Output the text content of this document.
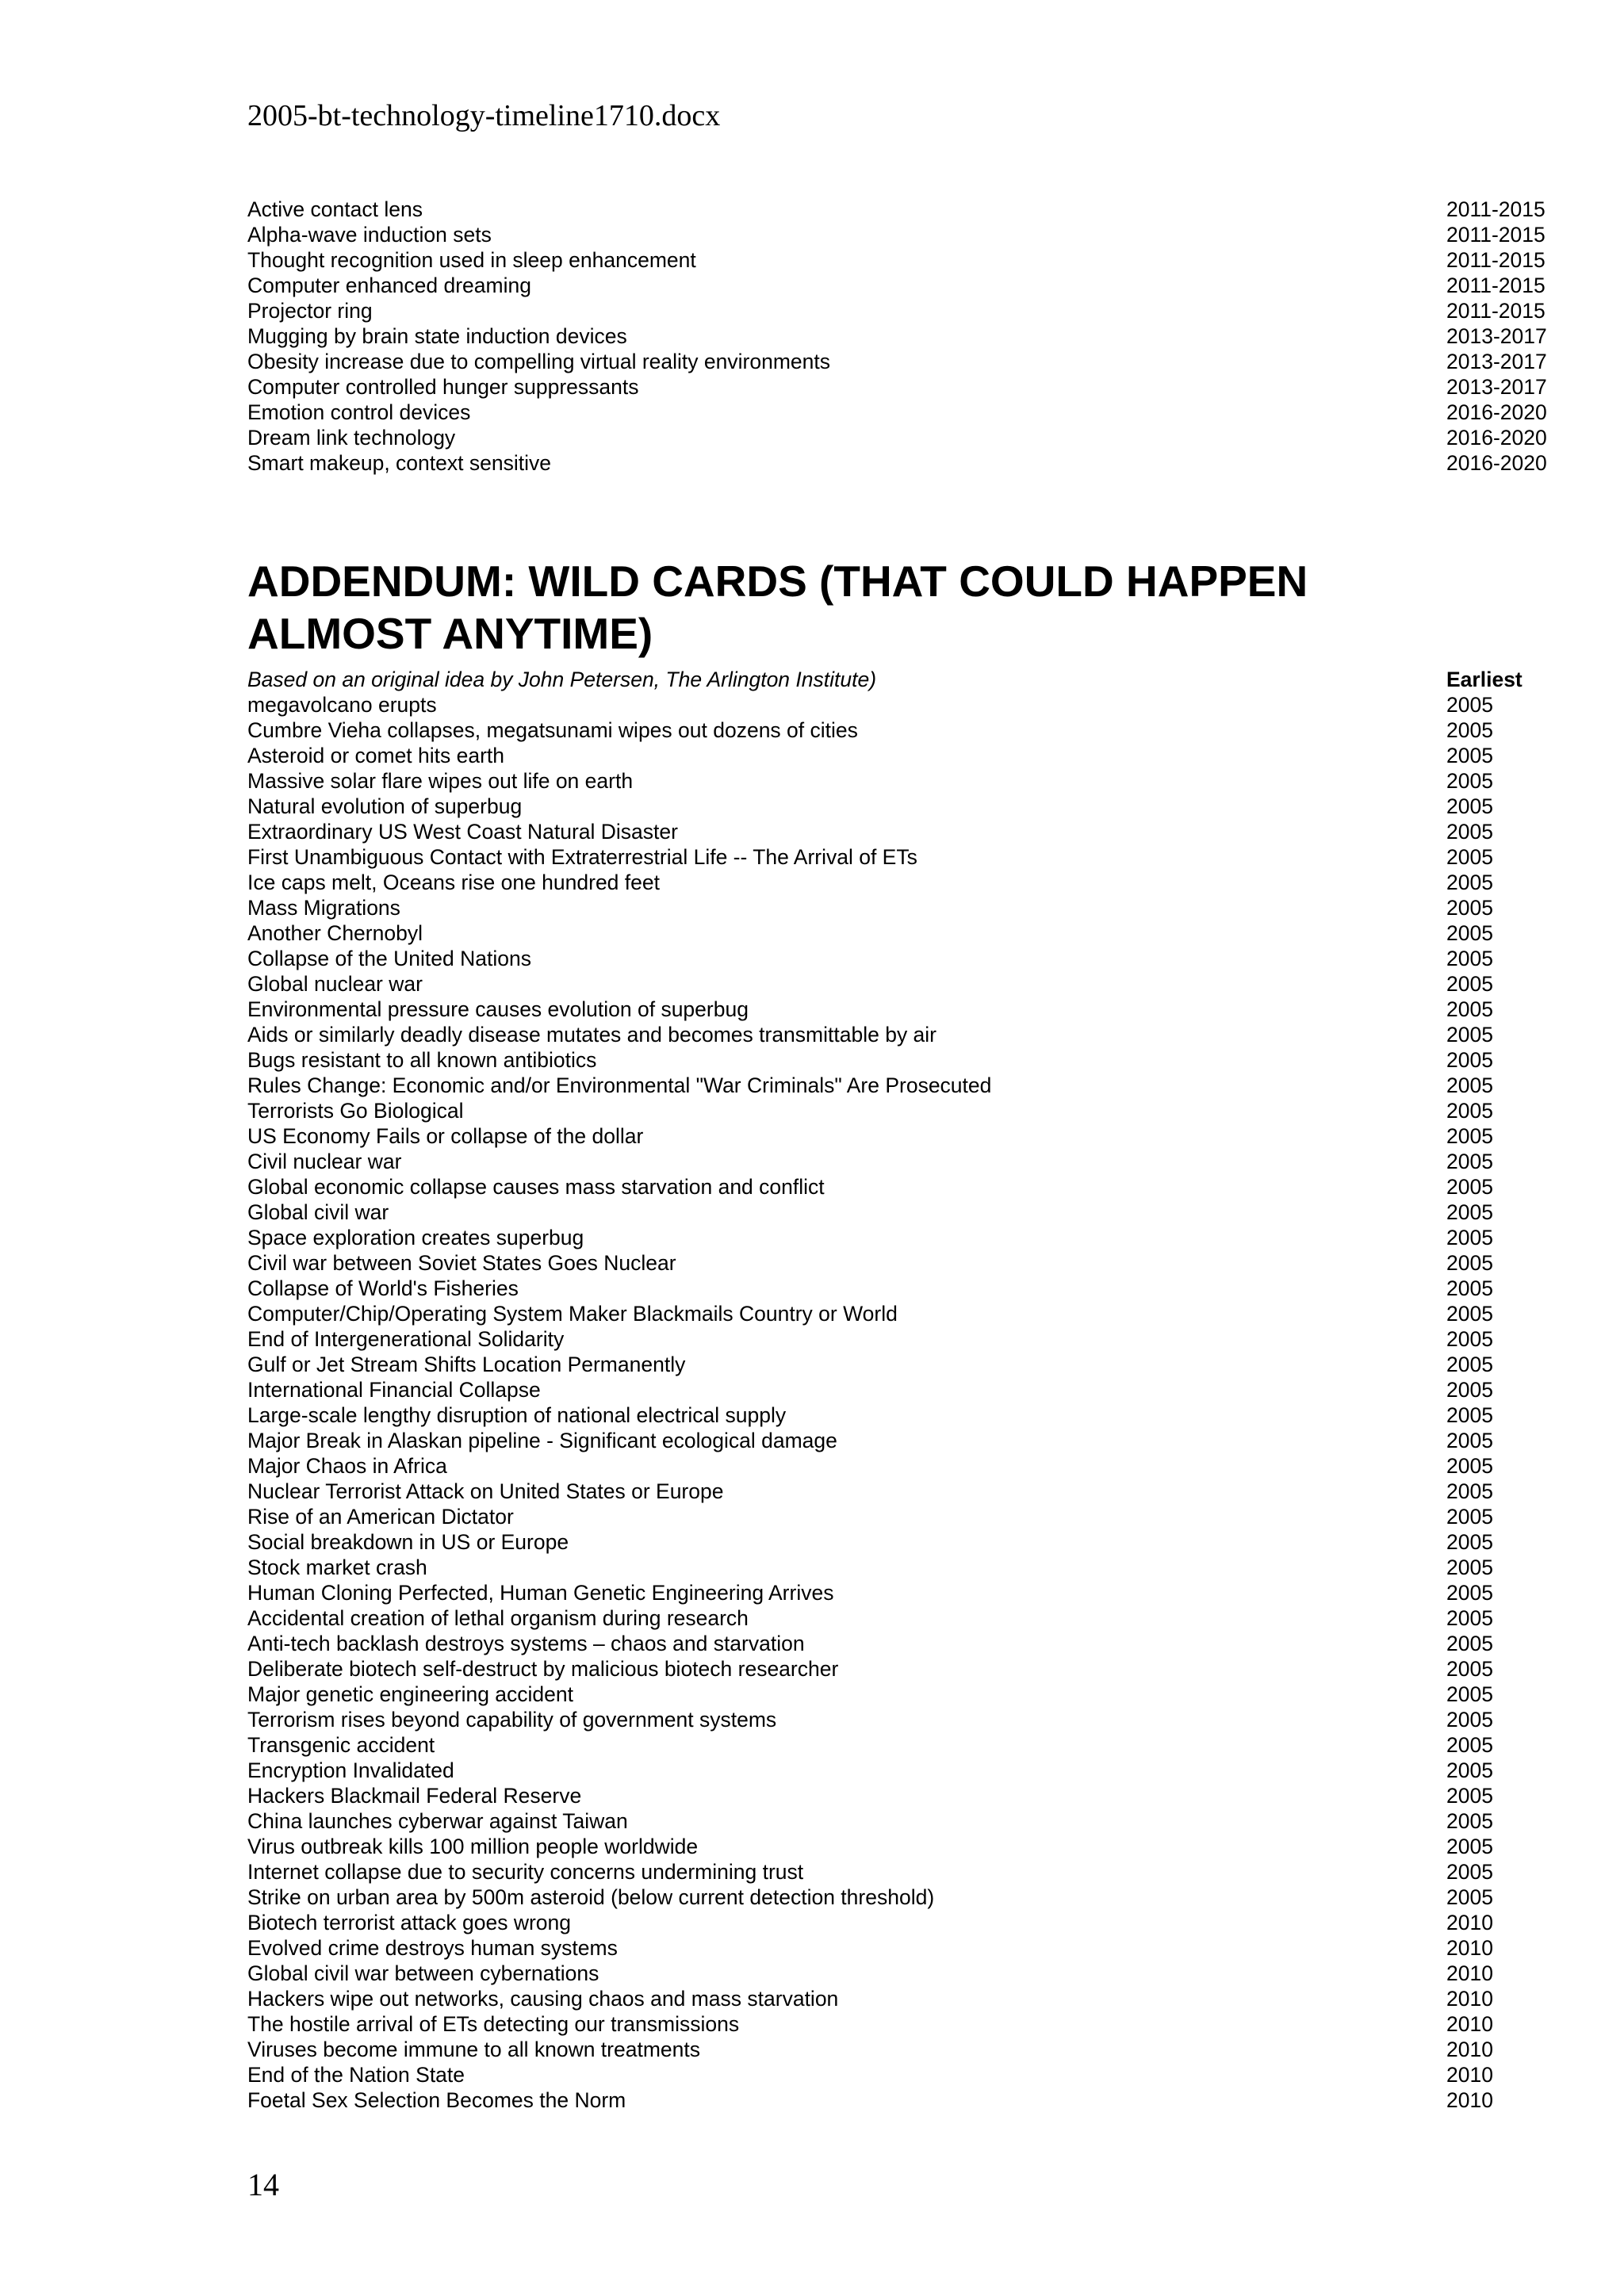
2005-bt-technology-timeline1710.docx
Active contact lens	2011-2015
Alpha-wave induction sets	2011-2015
Thought recognition used in sleep enhancement	2011-2015
Computer enhanced dreaming	2011-2015
Projector ring	2011-2015
Mugging by brain state induction devices	2013-2017
Obesity increase due to compelling virtual reality environments	2013-2017
Computer controlled hunger suppressants	2013-2017
Emotion control devices	2016-2020
Dream link technology	2016-2020
Smart makeup, context sensitive	2016-2020
ADDENDUM: WILD CARDS (THAT COULD HAPPEN ALMOST ANYTIME)
Based on an original idea by John Petersen, The Arlington Institute)	Earliest
megavolcano erupts	2005
Cumbre Vieha collapses, megatsunami wipes out dozens of cities	2005
Asteroid or comet hits earth	2005
Massive solar flare wipes out life on earth	2005
Natural evolution of superbug	2005
Extraordinary US West Coast Natural Disaster	2005
First Unambiguous Contact with Extraterrestrial Life -- The Arrival of ETs	2005
Ice caps melt, Oceans rise one hundred feet	2005
Mass Migrations	2005
Another Chernobyl	2005
Collapse of the United Nations	2005
Global nuclear war	2005
Environmental pressure causes evolution of superbug	2005
Aids or similarly deadly disease mutates and becomes transmittable by air	2005
Bugs resistant to all known antibiotics	2005
Rules Change: Economic and/or Environmental "War Criminals" Are Prosecuted	2005
Terrorists Go Biological	2005
US Economy Fails or collapse of the dollar	2005
Civil nuclear war	2005
Global economic collapse causes mass starvation and conflict	2005
Global civil war	2005
Space exploration creates superbug	2005
Civil war between Soviet States Goes Nuclear	2005
Collapse of World's Fisheries	2005
Computer/Chip/Operating System Maker Blackmails Country or World	2005
End of Intergenerational Solidarity	2005
Gulf or Jet Stream Shifts Location Permanently	2005
International Financial Collapse	2005
Large-scale lengthy disruption of national electrical supply	2005
Major Break in Alaskan pipeline - Significant ecological damage	2005
Major Chaos in Africa	2005
Nuclear Terrorist Attack on United States or Europe	2005
Rise of an American Dictator	2005
Social breakdown in US or Europe	2005
Stock market crash	2005
Human Cloning Perfected, Human Genetic Engineering Arrives	2005
Accidental creation of lethal organism during research	2005
Anti-tech backlash destroys systems – chaos and starvation	2005
Deliberate biotech self-destruct by malicious biotech researcher	2005
Major genetic engineering accident	2005
Terrorism rises beyond capability of government systems	2005
Transgenic accident	2005
Encryption Invalidated	2005
Hackers Blackmail Federal Reserve	2005
China launches cyberwar against Taiwan	2005
Virus outbreak kills 100 million people worldwide	2005
Internet collapse due to security concerns undermining trust	2005
Strike on urban area by 500m asteroid (below current detection threshold)	2005
Biotech terrorist attack goes wrong	2010
Evolved crime destroys human systems	2010
Global civil war between cybernations	2010
Hackers wipe out networks, causing chaos and mass starvation	2010
The hostile arrival of ETs detecting our transmissions	2010
Viruses become immune to all known treatments	2010
End of the Nation State	2010
Foetal Sex Selection Becomes the Norm	2010
14
